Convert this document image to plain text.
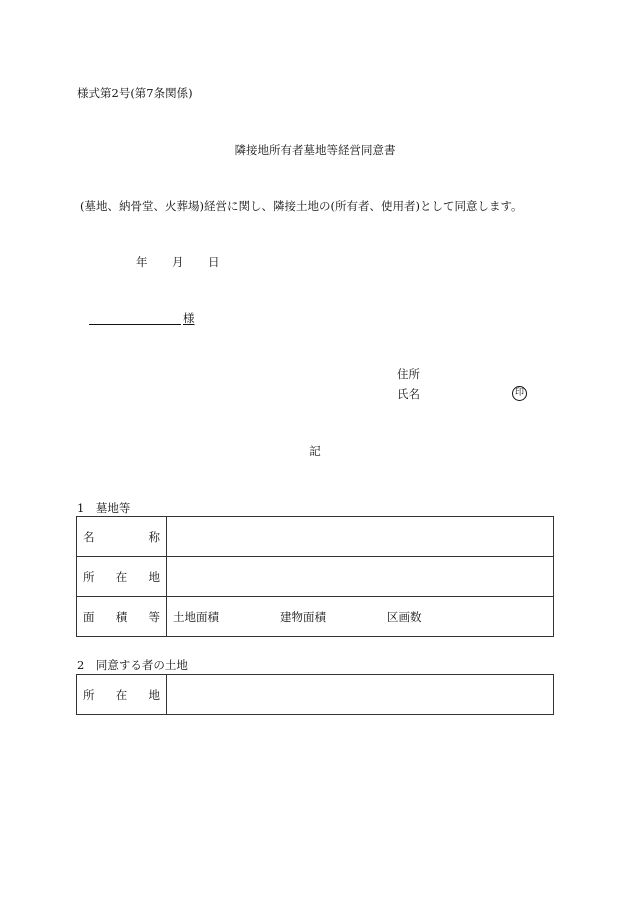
様式第2号(第7条関係)
隣接地所有者墓地等経営同意書
(墓地、納骨堂、火葬場)経営に関し、隣接土地の(所有者、使用者)として同意します。
年 月 日
様
住所
氏名	印
記
1　墓地等
名 称	

所 在 地	

面 積 等	土地面積 建物面積 区画数
2　同意する者の土地
所 在 地
